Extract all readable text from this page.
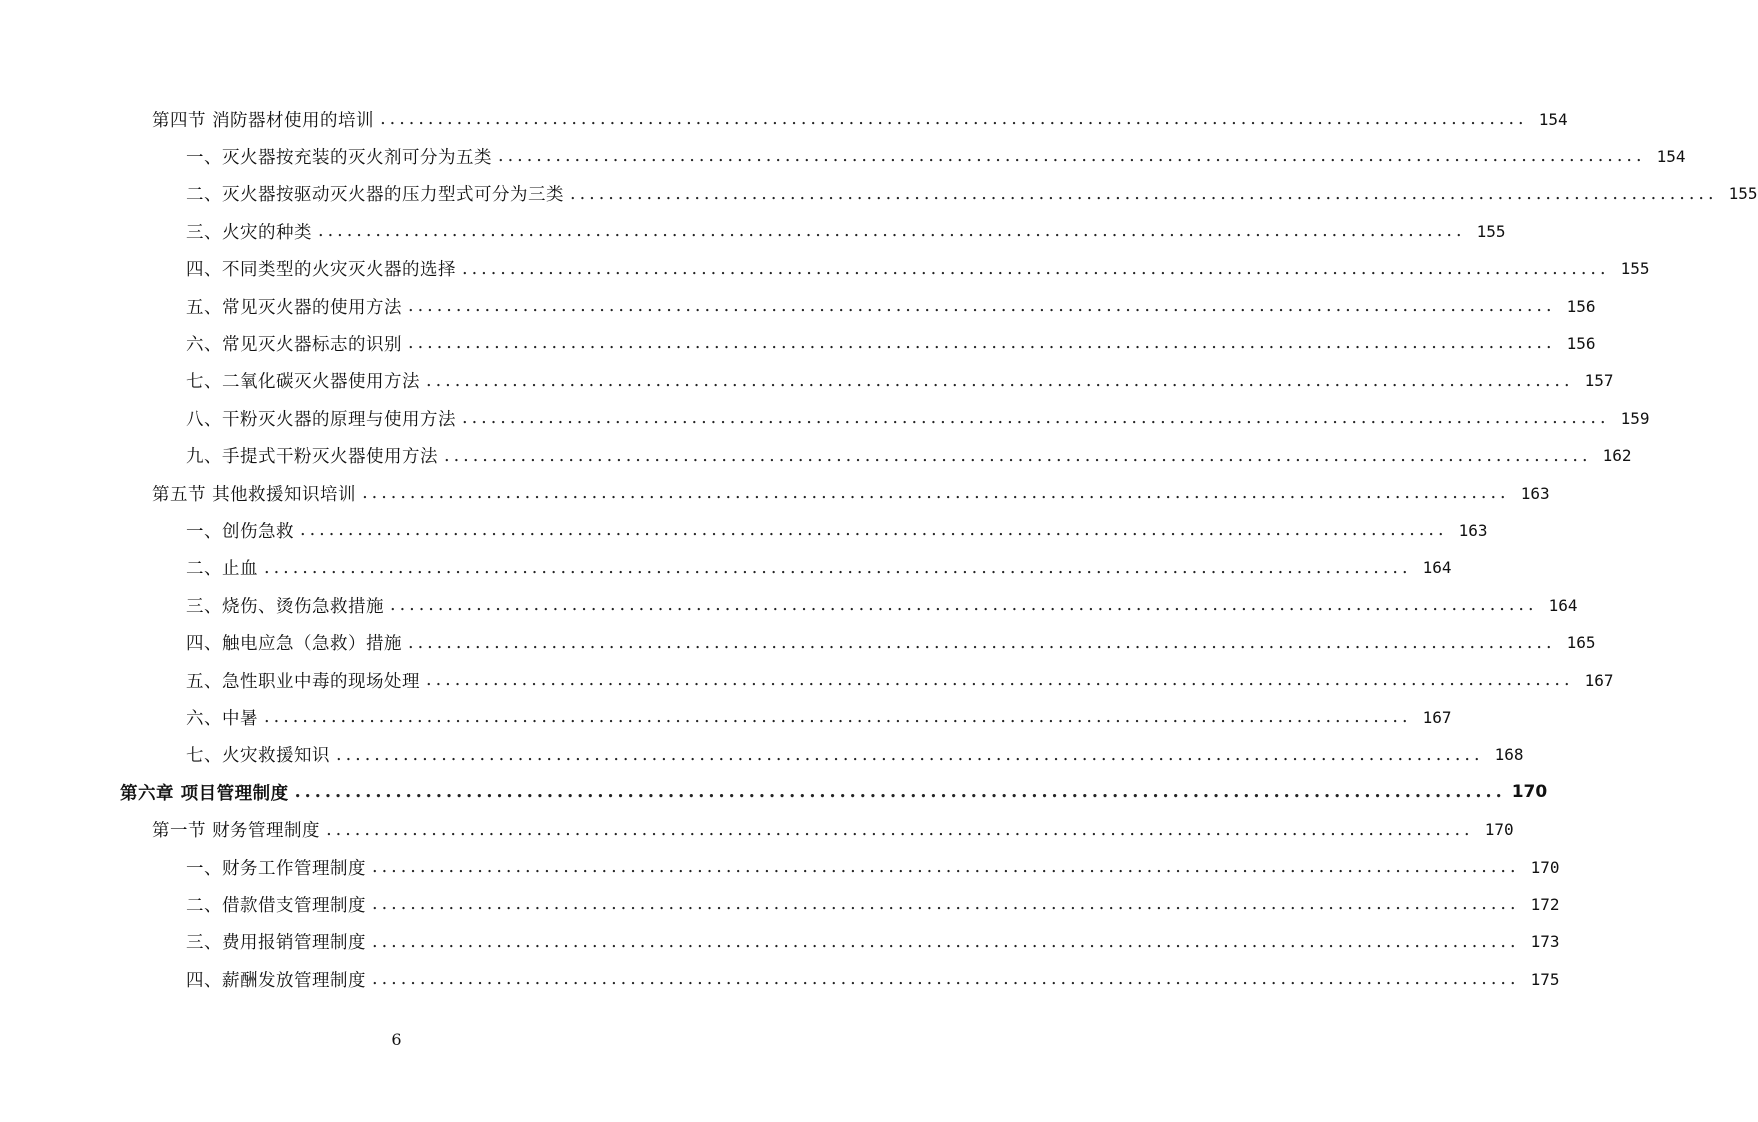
第四节 消防器材使用的培训 ........................................................................................................................ 154
一、灭火器按充装的灭火剂可分为五类 ........................................................................................................................ 154
二、灭火器按驱动灭火器的压力型式可分为三类 ........................................................................................................................ 155
三、火灾的种类 ........................................................................................................................ 155
四、不同类型的火灾灭火器的选择 ........................................................................................................................ 155
五、常见灭火器的使用方法 ........................................................................................................................ 156
六、常见灭火器标志的识别 ........................................................................................................................ 156
七、二氧化碳灭火器使用方法 ........................................................................................................................ 157
八、干粉灭火器的原理与使用方法 ........................................................................................................................ 159
九、手提式干粉灭火器使用方法 ........................................................................................................................ 162
第五节 其他救援知识培训 ........................................................................................................................ 163
一、创伤急救 ........................................................................................................................ 163
二、止血 ........................................................................................................................ 164
三、烧伤、烫伤急救措施 ........................................................................................................................ 164
四、触电应急（急救）措施 ........................................................................................................................ 165
五、急性职业中毒的现场处理 ........................................................................................................................ 167
六、中暑 ........................................................................................................................ 167
七、火灾救援知识 ........................................................................................................................ 168
第六章 项目管理制度 ........................................................................................................................ 170
第一节 财务管理制度 ........................................................................................................................ 170
一、财务工作管理制度 ........................................................................................................................ 170
二、借款借支管理制度 ........................................................................................................................ 172
三、费用报销管理制度 ........................................................................................................................ 173
四、薪酬发放管理制度 ........................................................................................................................ 175
6
